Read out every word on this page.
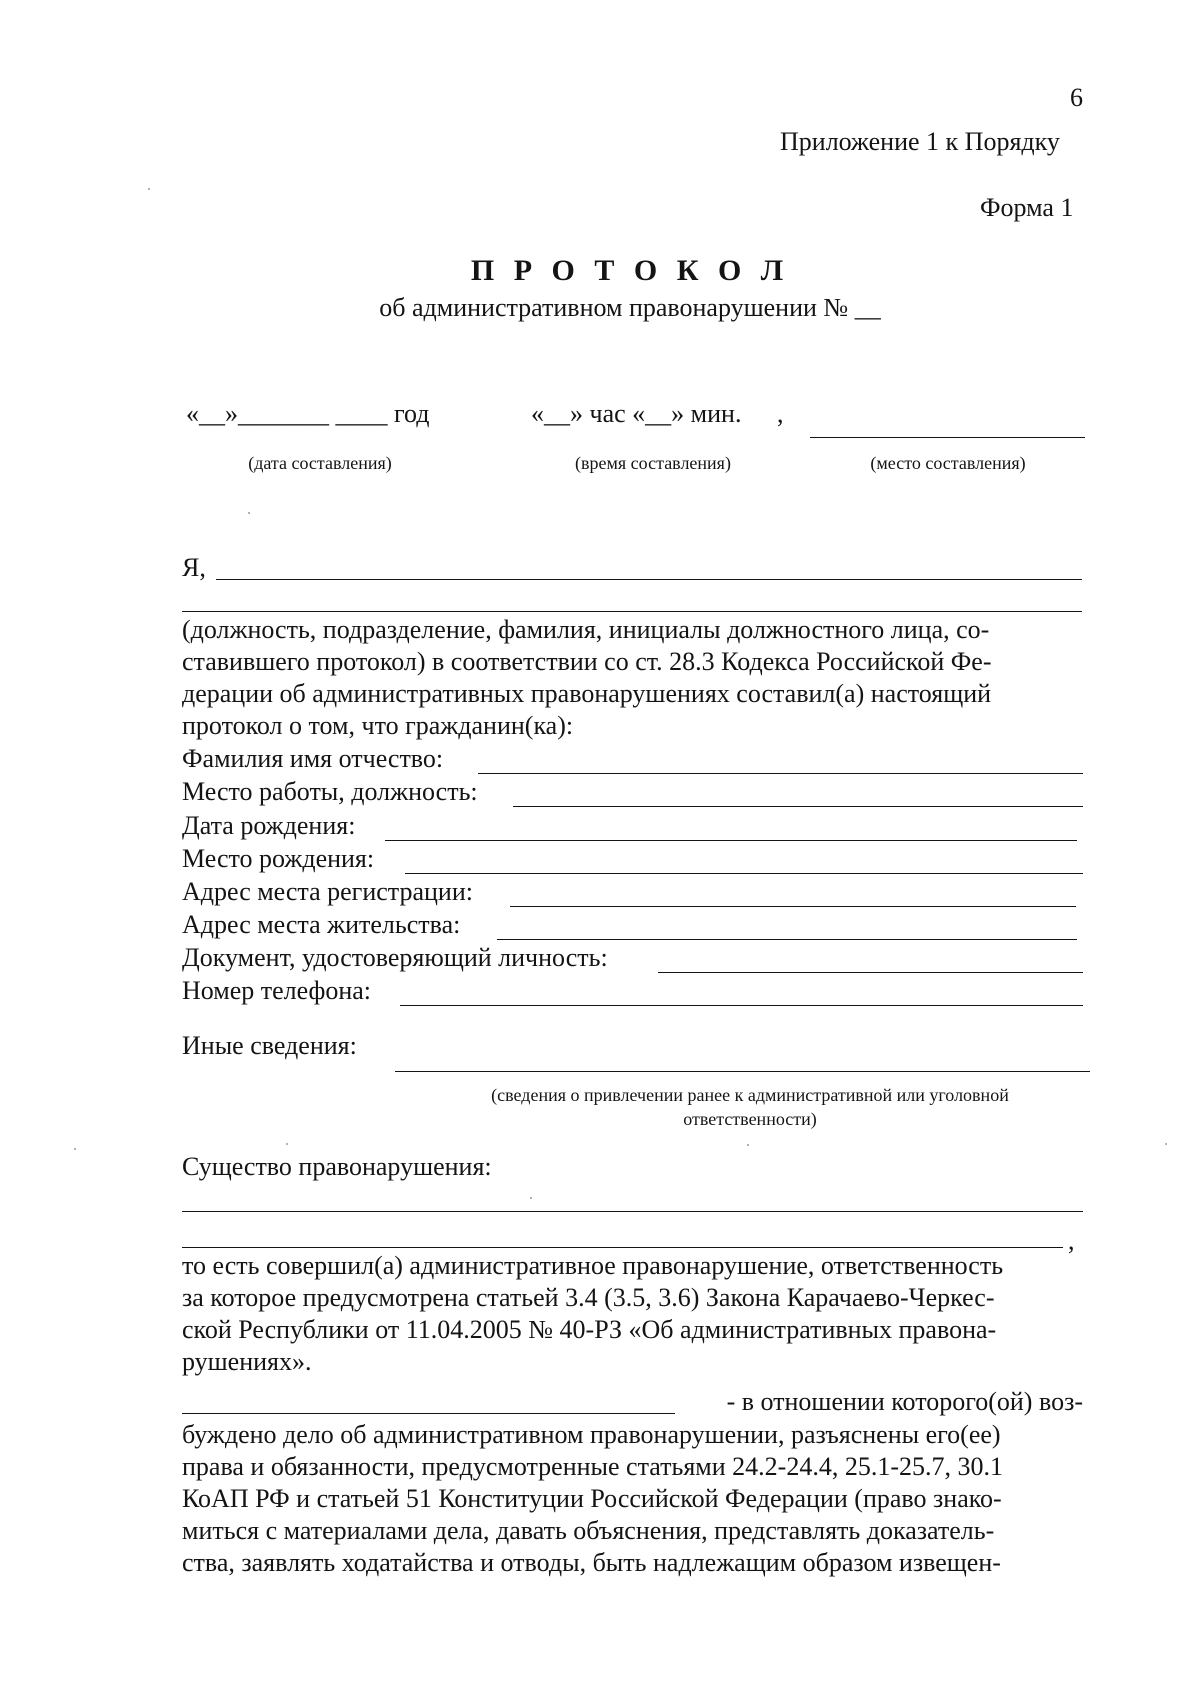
6
Приложение 1 к Порядку
Форма 1
П Р О Т О К О Л
об административном правонарушении № __
«__»_______ ____ год	«__» час «__» мин. ,
(дата составления)	(время составления)	(место составления)
Я,
(должность, подразделение, фамилия, инициалы должностного лица, со-
ставившего протокол) в соответствии со ст. 28.3 Кодекса Российской Фе-
дерации об административных правонарушениях составил(а) настоящий
протокол о том, что гражданин(ка):
Фамилия имя отчество:
Место работы, должность:
Дата рождения:
Место рождения:
Адрес места регистрации:
Адрес места жительства:
Документ, удостоверяющий личность:
Номер телефона:
Иные сведения:
(сведения о привлечении ранее к административной или уголовной
ответственности)
Существо правонарушения:
,
то есть совершил(а) административное правонарушение, ответственность
за которое предусмотрена статьей 3.4 (3.5, 3.6) Закона Карачаево-Черкес-
ской Республики от 11.04.2005 № 40-РЗ «Об административных правона-
рушениях».
- в отношении которого(ой) воз-
буждено дело об административном правонарушении, разъяснены его(ее)
права и обязанности, предусмотренные статьями 24.2-24.4, 25.1-25.7, 30.1
КоАП РФ и статьей 51 Конституции Российской Федерации (право знако-
миться с материалами дела, давать объяснения, представлять доказатель-
ства, заявлять ходатайства и отводы, быть надлежащим образом извещен-
